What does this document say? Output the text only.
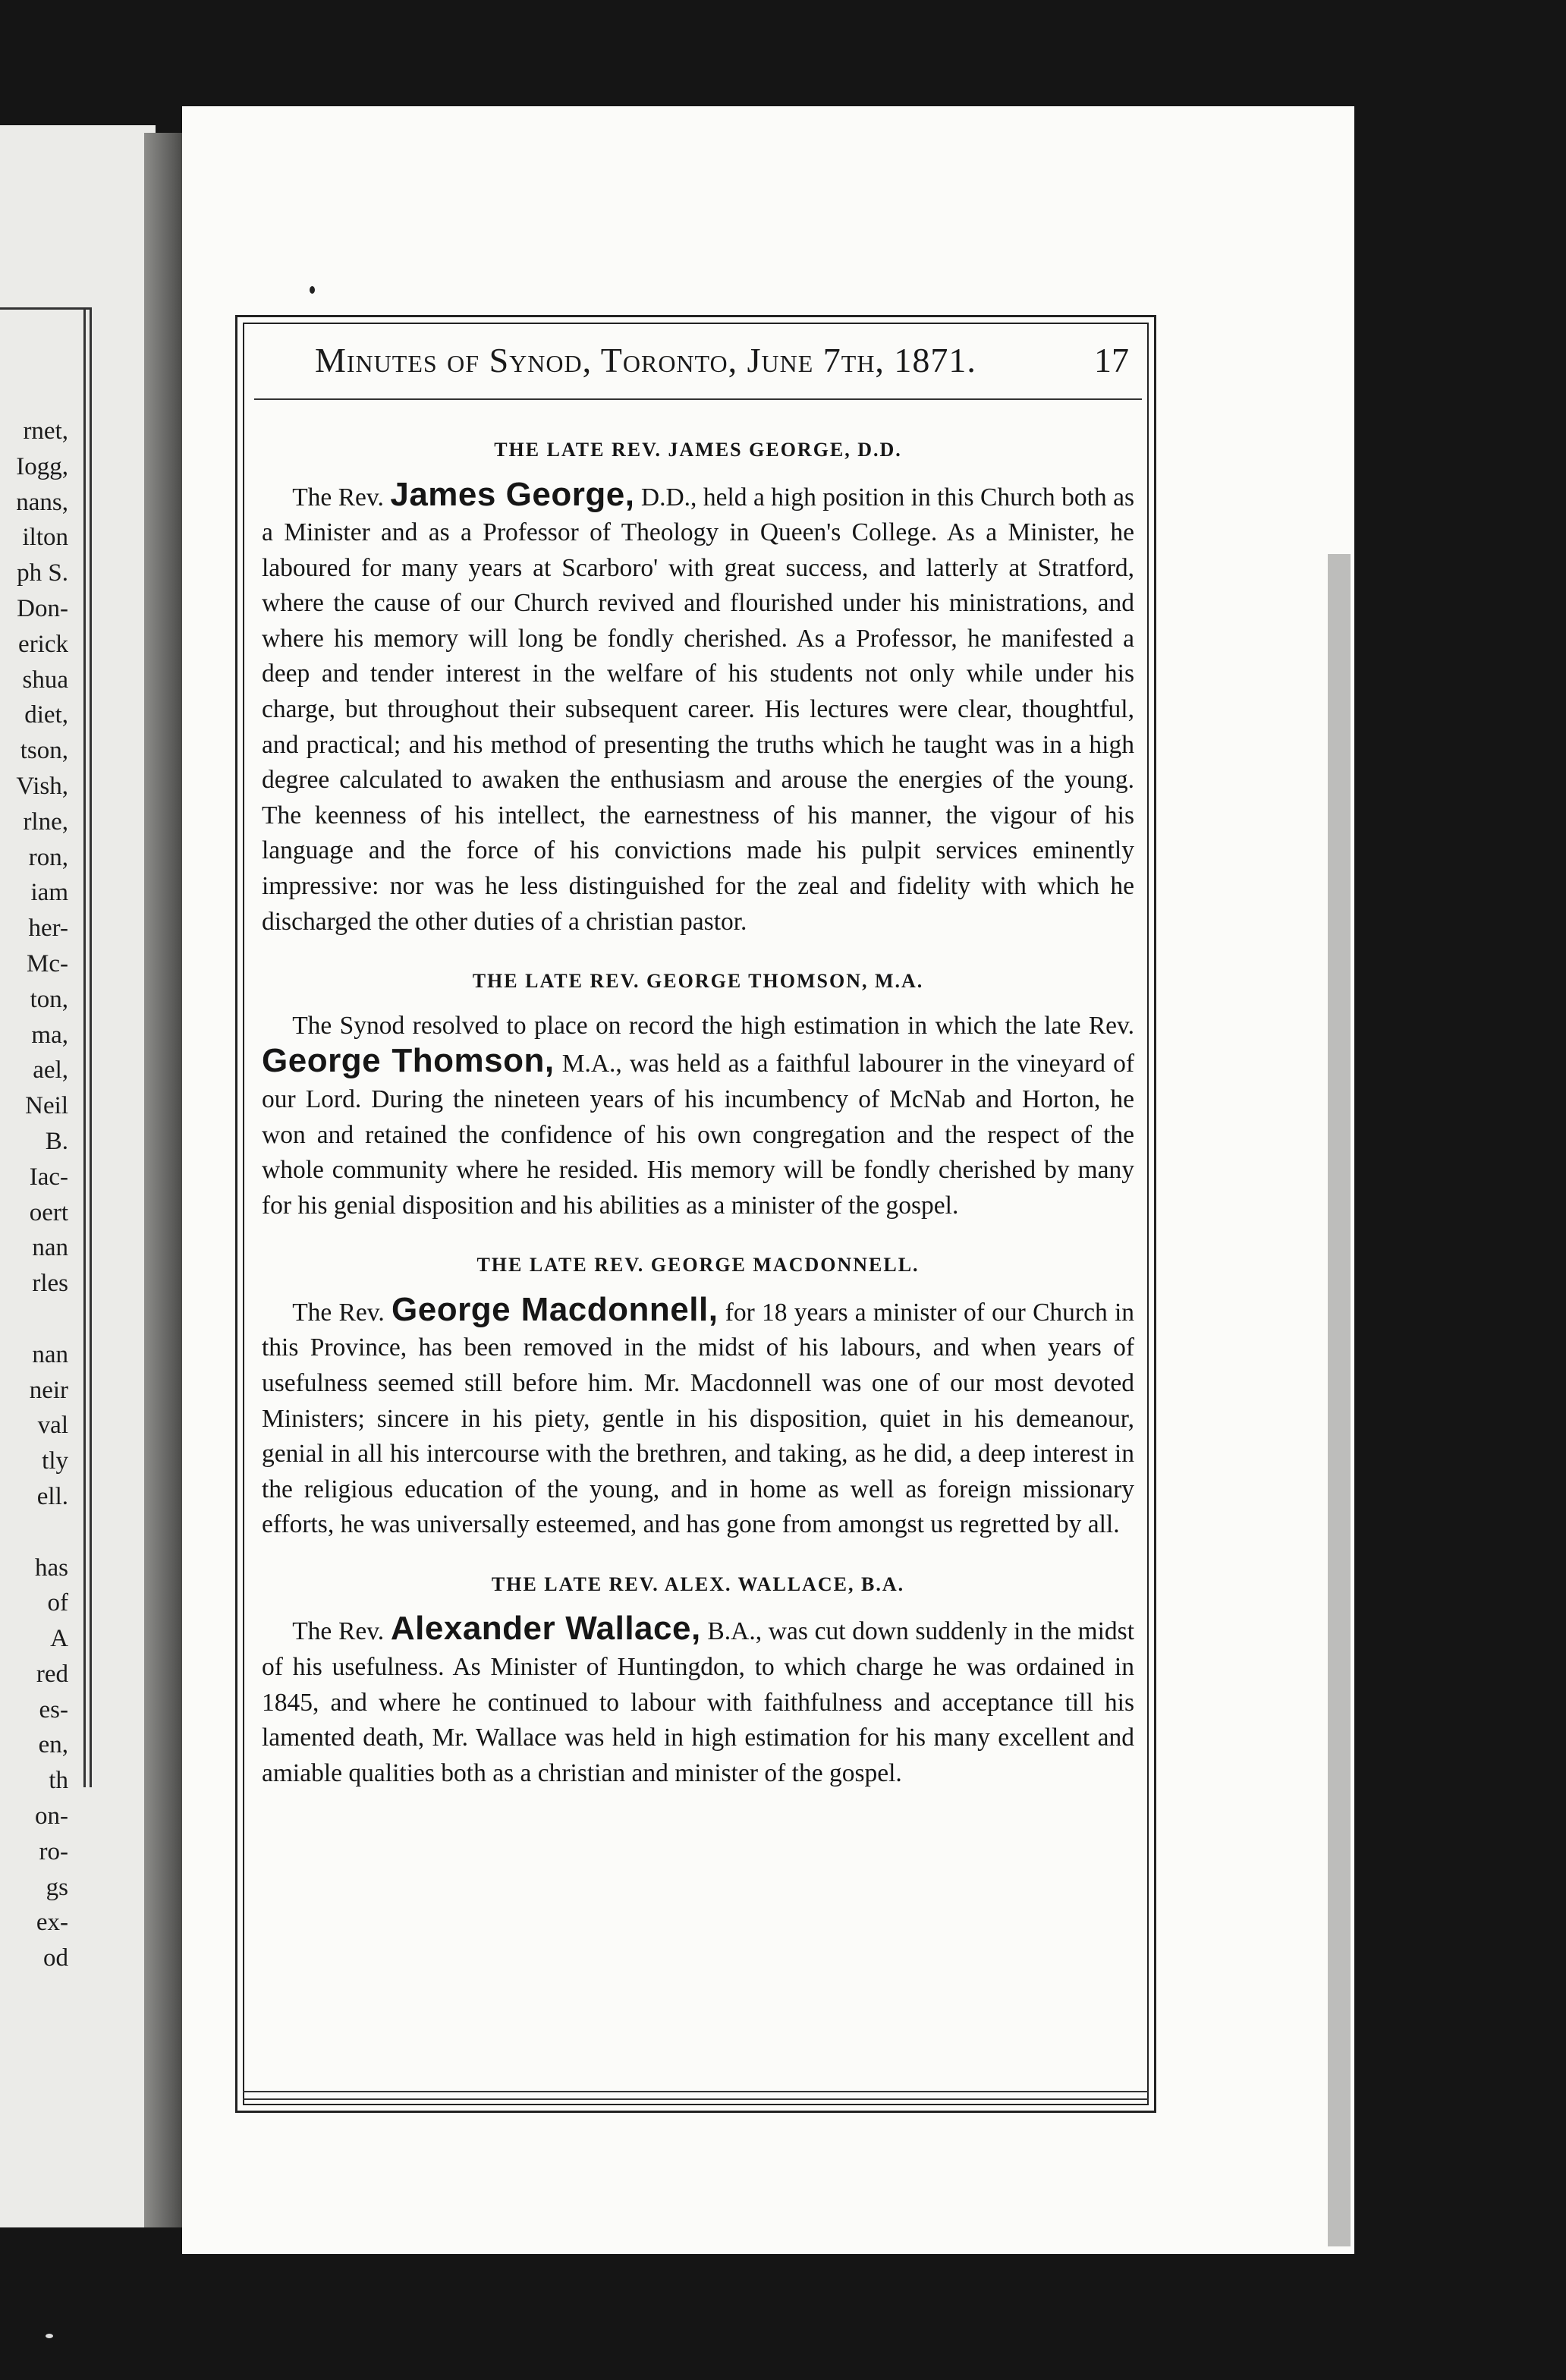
rnet,
Iogg,
nans,
ilton
ph S.
Don-
erick
shua
diet,
tson,
Vish,
rlne,
ron,
iam
her-
Mc-
ton,
ma,
ael,
Neil
B.
Iac-
oert
nan
rles

nan
neir
val
tly
ell.

has
of
A
red
es-
en,
th
on-
ro-
gs
ex-
od
Minutes of Synod, Toronto, June 7th, 1871.	17

THE LATE REV. JAMES GEORGE, D.D.

The Rev. James George, D.D., held a high position in this Church both as a Minister and as a Professor of Theology in Queen's College. As a Minister, he laboured for many years at Scarboro' with great success, and latterly at Stratford, where the cause of our Church revived and flourished under his ministrations, and where his memory will long be fondly cherished. As a Professor, he manifested a deep and tender interest in the welfare of his students not only while under his charge, but throughout their subsequent career. His lectures were clear, thoughtful, and practical; and his method of presenting the truths which he taught was in a high degree calculated to awaken the enthusiasm and arouse the energies of the young. The keenness of his intellect, the earnestness of his manner, the vigour of his language and the force of his convictions made his pulpit services eminently impressive: nor was he less distinguished for the zeal and fidelity with which he discharged the other duties of a christian pastor.

THE LATE REV. GEORGE THOMSON, M.A.

The Synod resolved to place on record the high estimation in which the late Rev. George Thomson, M.A., was held as a faithful labourer in the vineyard of our Lord. During the nineteen years of his incumbency of McNab and Horton, he won and retained the confidence of his own congregation and the respect of the whole community where he resided. His memory will be fondly cherished by many for his genial disposition and his abilities as a minister of the gospel.

THE LATE REV. GEORGE MACDONNELL.

The Rev. George Macdonnell, for 18 years a minister of our Church in this Province, has been removed in the midst of his labours, and when years of usefulness seemed still before him. Mr. Macdonnell was one of our most devoted Ministers; sincere in his piety, gentle in his disposition, quiet in his demeanour, genial in all his intercourse with the brethren, and taking, as he did, a deep interest in the religious education of the young, and in home as well as foreign missionary efforts, he was universally esteemed, and has gone from amongst us regretted by all.

THE LATE REV. ALEX. WALLACE, B.A.

The Rev. Alexander Wallace, B.A., was cut down suddenly in the midst of his usefulness. As Minister of Huntingdon, to which charge he was ordained in 1845, and where he continued to labour with faithfulness and acceptance till his lamented death, Mr. Wallace was held in high estimation for his many excellent and amiable qualities both as a christian and minister of the gospel.
